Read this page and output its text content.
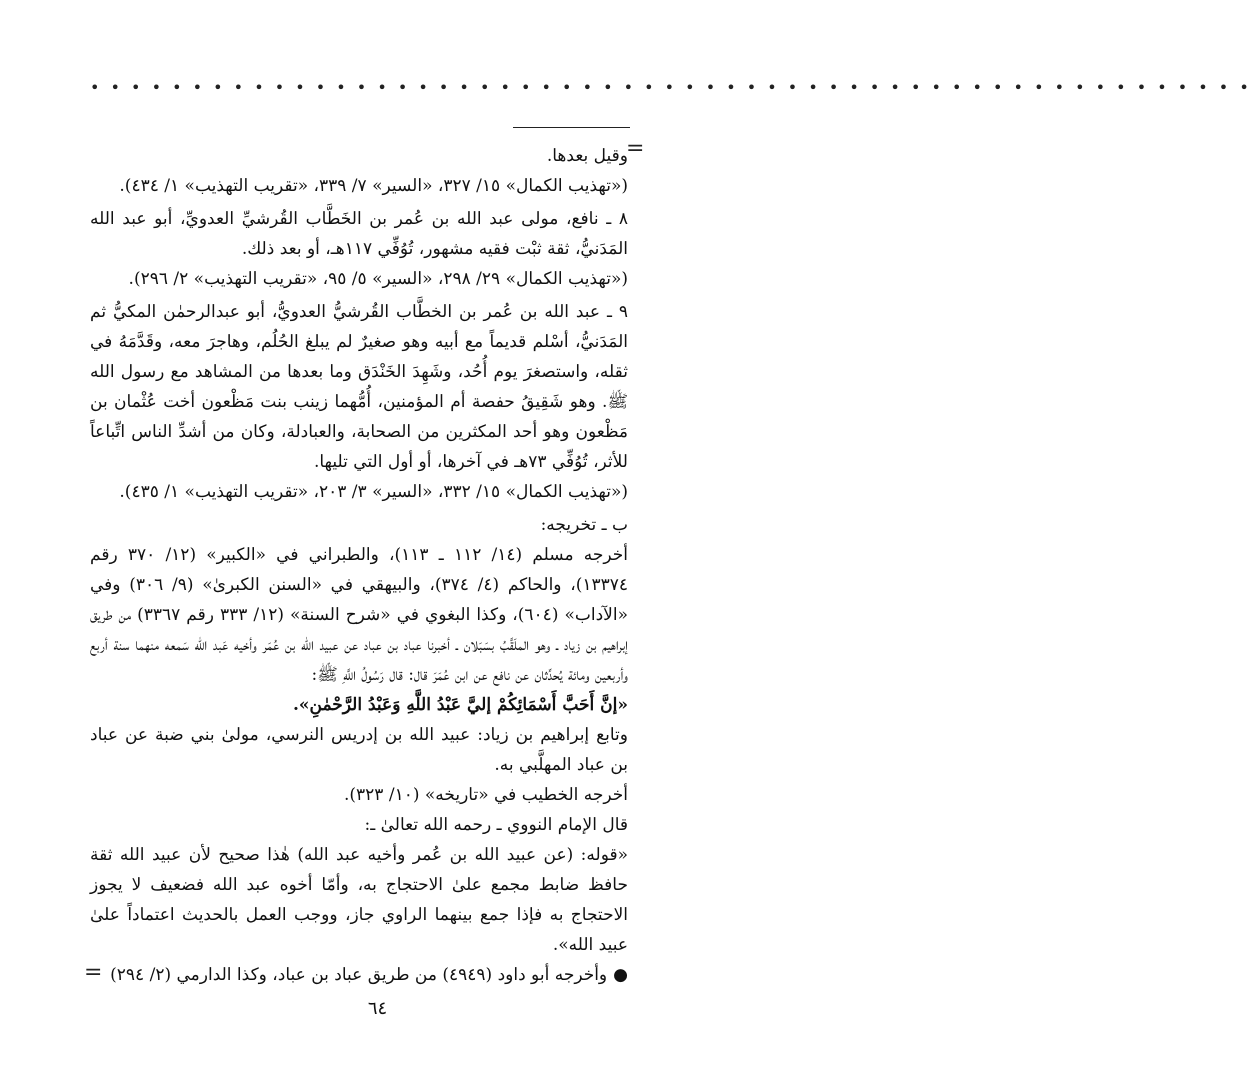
• • • • • • • • • • • • • • • • • • • • • • • • • • • • • • • • • • • • • • • • • • • • • • • • • • • • • • • • •
=
=

وقيل بعدها.

(«تهذيب الكمال» ١٥/ ٣٢٧، «السير» ٧/ ٣٣٩، «تقريب التهذيب» ١/ ٤٣٤).

٨ ـ نافع، مولى عبد الله بن عُمر بن الخَطَّاب القُرشيِّ العدويِّ، أبو عبد الله المَدَنيُّ، ثقة ثبْت فقيه مشهور، تُوُفِّي ١١٧هـ، أو بعد ذلك.

(«تهذيب الكمال» ٢٩/ ٢٩٨، «السير» ٥/ ٩٥، «تقريب التهذيب» ٢/ ٢٩٦).

٩ ـ عبد الله بن عُمر بن الخطَّاب القُرشيُّ العدويُّ، أبو عبدالرحمٰن المكيُّ ثم المَدَنيُّ، أسْلم قديماً مع أبيه وهو صغيرٌ لم يبلغ الحُلُم، وهاجرَ معه، وقَدَّمَهُ في ثقله، واستصغرَ يوم أُحُد، وشَهِدَ الخَنْدَق وما بعدها من المشاهد مع رسول الله ﷺ. وهو شَقِيقُ حفصة أم المؤمنين، أُمُّهما زينب بنت مَظْعون أخت عُثْمان بن مَظْعون وهو أحد المكثرين من الصحابة، والعبادلة، وكان من أشدِّ الناس اتِّباعاً للأثر، تُوُفِّي ٧٣هـ في آخرها، أو أول التي تليها.

(«تهذيب الكمال» ١٥/ ٣٣٢، «السير» ٣/ ٢٠٣، «تقريب التهذيب» ١/ ٤٣٥).

ب ـ تخريجه:

أخرجه مسلم (١٤/ ١١٢ ـ ١١٣)، والطبراني في «الكبير» (١٢/ ٣٧٠ رقم ١٣٣٧٤)، والحاكم (٤/ ٣٧٤)، والبيهقي في «السنن الكبرىٰ» (٩/ ٣٠٦) وفي «الآداب» (٦٠٤)، وكذا البغوي في «شرح السنة» (١٢/ ٣٣٣ رقم ٣٣٦٧) من طريق إبراهيم بن زياد ـ وهو الملَقَّبُ بسَبَلان ـ أخبرنا عباد بن عباد عن عبيد الله بن عُمَر وأخيه عَبد الله سَمعه منهما سنة أربع وأربعين ومائة يُحدِّثان عن نافع عن ابن عُمَرَ قال: قال رَسُولُ اللَّهِ ﷺ:

«إنَّ أَحَبَّ أَسْمَائِكُمْ إليَّ عَبْدُ اللَّهِ وَعَبْدُ الرَّحْمٰنِ».

وتابع إبراهيم بن زياد: عبيد الله بن إدريس النرسي، مولىٰ بني ضبة عن عباد بن عباد المهلَّبي به.

أخرجه الخطيب في «تاريخه» (١٠/ ٣٢٣).

قال الإمام النووي ـ رحمه الله تعالىٰ ـ:

«قوله: (عن عبيد الله بن عُمر وأخيه عبد الله) هٰذا صحيح لأن عبيد الله ثقة حافظ ضابط مجمع علىٰ الاحتجاج به، وأمّا أخوه عبد الله فضعيف لا يجوز الاحتجاج به فإذا جمع بينهما الراوي جاز، ووجب العمل بالحديث اعتماداً علىٰ عبيد الله».

●وأخرجه أبو داود (٤٩٤٩) من طريق عباد بن عباد، وكذا الدارمي (٢/ ٢٩٤)

٦٤
